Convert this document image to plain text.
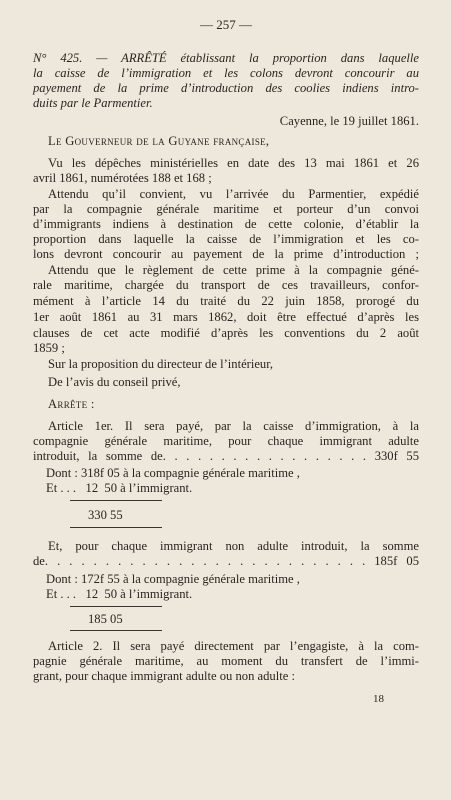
— 257 —
N° 425. — ARRÊTÉ établissant la proportion dans laquelle
la caisse de l’immigration et les colons devront concourir au
payement de la prime d’introduction des coolies indiens intro-
duits par le Parmentier.
Cayenne, le 19 juillet 1861.
Le Gouverneur de la Guyane française,
Vu les dépêches ministérielles en date des 13 mai 1861 et 26
avril 1861, numérotées 188 et 168 ;
Attendu qu’il convient, vu l’arrivée du Parmentier, expédié
par la compagnie générale maritime et porteur d’un convoi
d’immigrants indiens à destination de cette colonie, d’établir la
proportion dans laquelle la caisse de l’immigration et les co-
lons devront concourir au payement de la prime d’introduction ;
Attendu que le règlement de cette prime à la compagnie géné-
rale maritime, chargée du transport de ces travailleurs, confor-
mément à l’article 14 du traité du 22 juin 1858, prorogé du
1er août 1861 au 31 mars 1862, doit être effectué d’après les
clauses de cet acte modifié d’après les conventions du 2 août
1859 ;
Sur la proposition du directeur de l’intérieur,
De l’avis du conseil privé,
Arrête :
Article 1er. Il sera payé, par la caisse d’immigration, à la
compagnie générale maritime, pour chaque immigrant adulte
introduit, la somme de. . . . . . . . . . . . . . . . . . 330f 55
Dont : 318f 05 à la compagnie générale maritime ,
Et . . .   12  50 à l’immigrant.
330 55
Et, pour chaque immigrant non adulte introduit, la somme
de. . . . . . . . . . . . . . . . . . . . . . . . . . . 185f 05
Dont : 172f 55 à la compagnie générale maritime ,
Et . . .   12  50 à l’immigrant.
185 05
Article 2. Il sera payé directement par l’engagiste, à la com-
pagnie générale maritime, au moment du transfert de l’immi-
grant, pour chaque immigrant adulte ou non adulte :
18
